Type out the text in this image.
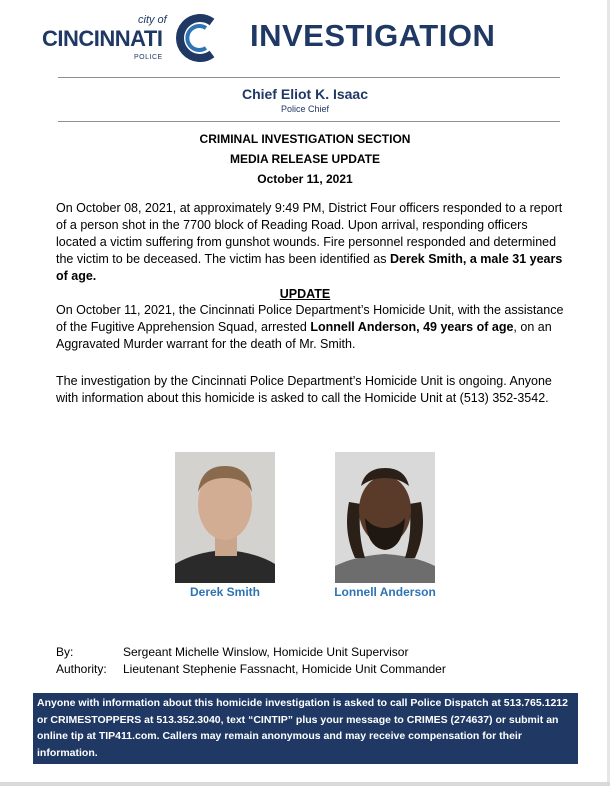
city of
CINCINNATI
POLICE
INVESTIGATION
Chief Eliot K. Isaac
Police Chief
CRIMINAL INVESTIGATION SECTION
MEDIA RELEASE UPDATE
October 11, 2021
On October 08, 2021, at approximately 9:49 PM, District Four officers responded to a report of a person shot in the 7700 block of Reading Road. Upon arrival, responding officers located a victim suffering from gunshot wounds. Fire personnel responded and determined the victim to be deceased. The victim has been identified as Derek Smith, a male 31 years of age.
UPDATE
On October 11, 2021, the Cincinnati Police Department’s Homicide Unit, with the assistance of the Fugitive Apprehension Squad, arrested Lonnell Anderson, 49 years of age, on an Aggravated Murder warrant for the death of Mr. Smith.
The investigation by the Cincinnati Police Department’s Homicide Unit is ongoing. Anyone with information about this homicide is asked to call the Homicide Unit at (513) 352-3542.
Derek Smith	Lonnell Anderson
By:	Sergeant Michelle Winslow, Homicide Unit Supervisor
Authority: Lieutenant Stephenie Fassnacht, Homicide Unit Commander
Anyone with information about this homicide investigation is asked to call Police Dispatch at 513.765.1212 or CRIMESTOPPERS at 513.352.3040, text “CINTIP” plus your message to CRIMES (274637) or submit an online tip at TIP411.com. Callers may remain anonymous and may receive compensation for their information.
